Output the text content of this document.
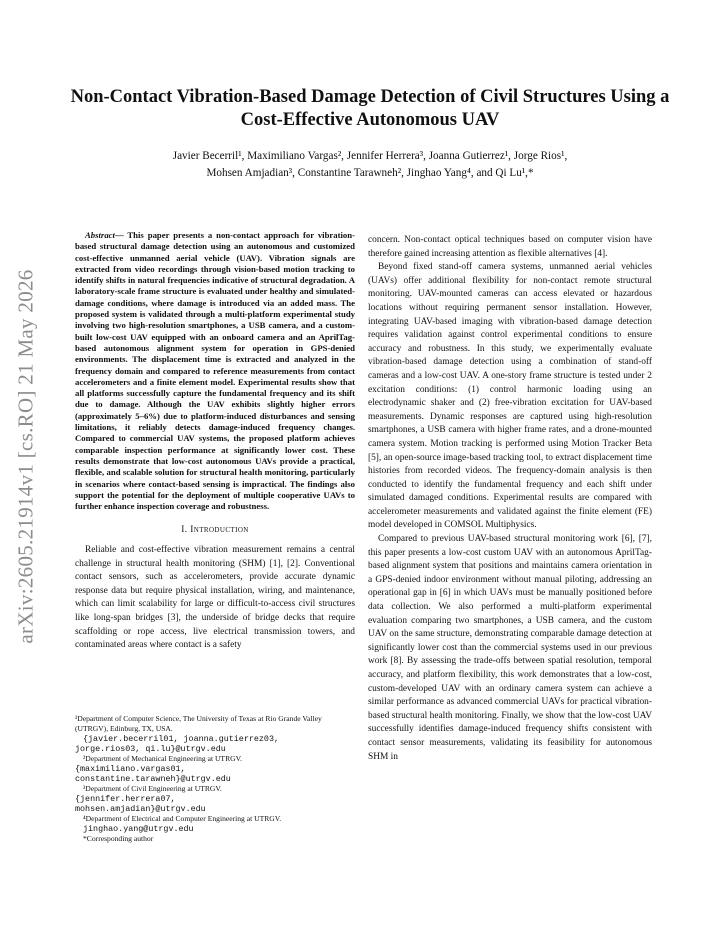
arXiv:2605.21914v1 [cs.RO] 21 May 2026
Non-Contact Vibration-Based Damage Detection of Civil Structures Using a Cost-Effective Autonomous UAV
Javier Becerril¹, Maximiliano Vargas², Jennifer Herrera³, Joanna Gutierrez¹, Jorge Rios¹,
Mohsen Amjadian³, Constantine Tarawneh², Jinghao Yang⁴, and Qi Lu¹,*

Abstract— This paper presents a non-contact approach for vibration-based structural damage detection using an autonomous and customized cost-effective unmanned aerial vehicle (UAV). Vibration signals are extracted from video recordings through vision-based motion tracking to identify shifts in natural frequencies indicative of structural degradation. A laboratory-scale frame structure is evaluated under healthy and simulated-damage conditions, where damage is introduced via an added mass. The proposed system is validated through a multi-platform experimental study involving two high-resolution smartphones, a USB camera, and a custom-built low-cost UAV equipped with an onboard camera and an AprilTag-based autonomous alignment system for operation in GPS-denied environments. The displacement time is extracted and analyzed in the frequency domain and compared to reference measurements from contact accelerometers and a finite element model. Experimental results show that all platforms successfully capture the fundamental frequency and its shift due to damage. Although the UAV exhibits slightly higher errors (approximately 5–6%) due to platform-induced disturbances and sensing limitations, it reliably detects damage-induced frequency changes. Compared to commercial UAV systems, the proposed platform achieves comparable inspection performance at significantly lower cost. These results demonstrate that low-cost autonomous UAVs provide a practical, flexible, and scalable solution for structural health monitoring, particularly in scenarios where contact-based sensing is impractical. The findings also support the potential for the deployment of multiple cooperative UAVs to further enhance inspection coverage and robustness.

I. Introduction

Reliable and cost-effective vibration measurement remains a central challenge in structural health monitoring (SHM) [1], [2]. Conventional contact sensors, such as accelerometers, provide accurate dynamic response data but require physical installation, wiring, and maintenance, which can limit scalability for large or difficult-to-access civil structures like long-span bridges [3], the underside of bridge decks that require scaffolding or rope access, live electrical transmission towers, and contaminated areas where contact is a safety

¹Department of Computer Science, The University of Texas at Rio Grande Valley (UTRGV), Edinburg, TX, USA.

{javier.becerril01, joanna.gutierrez03,
jorge.rios03, qi.lu}@utrgv.edu

²Department of Mechanical Engineering at UTRGV.

{maximiliano.vargas01,
constantine.tarawneh}@utrgv.edu

³Department of Civil Engineering at UTRGV.

{jennifer.herrera07,
mohsen.amjadian}@utrgv.edu

⁴Department of Electrical and Computer Engineering at UTRGV.

jinghao.yang@utrgv.edu

*Corresponding author

concern. Non-contact optical techniques based on computer vision have therefore gained increasing attention as flexible alternatives [4].

Beyond fixed stand-off camera systems, unmanned aerial vehicles (UAVs) offer additional flexibility for non-contact remote structural monitoring. UAV-mounted cameras can access elevated or hazardous locations without requiring permanent sensor installation. However, integrating UAV-based imaging with vibration-based damage detection requires validation against control experimental conditions to ensure accuracy and robustness. In this study, we experimentally evaluate vibration-based damage detection using a combination of stand-off cameras and a low-cost UAV. A one-story frame structure is tested under 2 excitation conditions: (1) control harmonic loading using an electrodynamic shaker and (2) free-vibration excitation for UAV-based measurements. Dynamic responses are captured using high-resolution smartphones, a USB camera with higher frame rates, and a drone-mounted camera system. Motion tracking is performed using Motion Tracker Beta [5], an open-source image-based tracking tool, to extract displacement time histories from recorded videos. The frequency-domain analysis is then conducted to identify the fundamental frequency and each shift under simulated damaged conditions. Experimental results are compared with accelerometer measurements and validated against the finite element (FE) model developed in COMSOL Multiphysics.

Compared to previous UAV-based structural monitoring work [6], [7], this paper presents a low-cost custom UAV with an autonomous AprilTag-based alignment system that positions and maintains camera orientation in a GPS-denied indoor environment without manual piloting, addressing an operational gap in [6] in which UAVs must be manually positioned before data collection. We also performed a multi-platform experimental evaluation comparing two smartphones, a USB camera, and the custom UAV on the same structure, demonstrating comparable damage detection at significantly lower cost than the commercial systems used in our previous work [8]. By assessing the trade-offs between spatial resolution, temporal accuracy, and platform flexibility, this work demonstrates that a low-cost, custom-developed UAV with an ordinary camera system can achieve a similar performance as advanced commercial UAVs for practical vibration-based structural health monitoring. Finally, we show that the low-cost UAV successfully identifies damage-induced frequency shifts consistent with contact sensor measurements, validating its feasibility for autonomous SHM in
